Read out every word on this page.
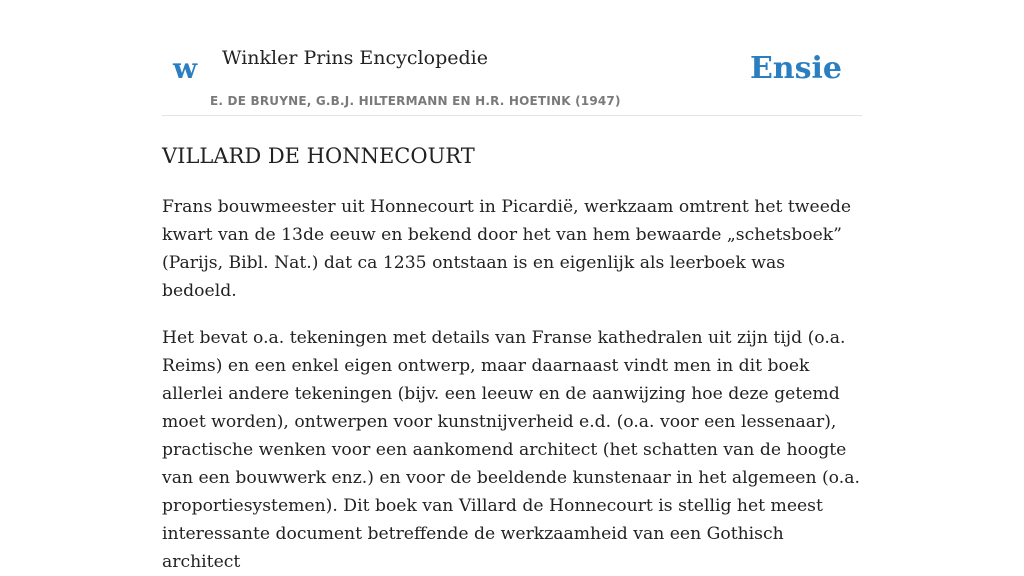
w Winkler Prins Encyclopedie
E. DE BRUYNE, G.B.J. HILTERMANN EN H.R. HOETINK (1947)
Ensie
VILLARD DE HONNECOURT

Frans bouwmeester uit Honnecourt in Picardië, werkzaam omtrent het tweede kwart van de 13de eeuw en bekend door het van hem bewaarde „schetsboek” (Parijs, Bibl. Nat.) dat ca 1235 ontstaan is en eigenlijk als leerboek was bedoeld.

Het bevat o.a. tekeningen met details van Franse kathedralen uit zijn tijd (o.a. Reims) en een enkel eigen ontwerp, maar daarnaast vindt men in dit boek allerlei andere tekeningen (bijv. een leeuw en de aanwijzing hoe deze getemd moet worden), ontwerpen voor kunstnijverheid e.d. (o.a. voor een lessenaar), practische wenken voor een aankomend architect (het schatten van de hoogte van een bouwwerk enz.) en voor de beeldende kunstenaar in het algemeen (o.a. proportiesystemen). Dit boek van Villard de Honnecourt is stellig het meest interessante document betreffende de werkzaamheid van een Gothisch architect
